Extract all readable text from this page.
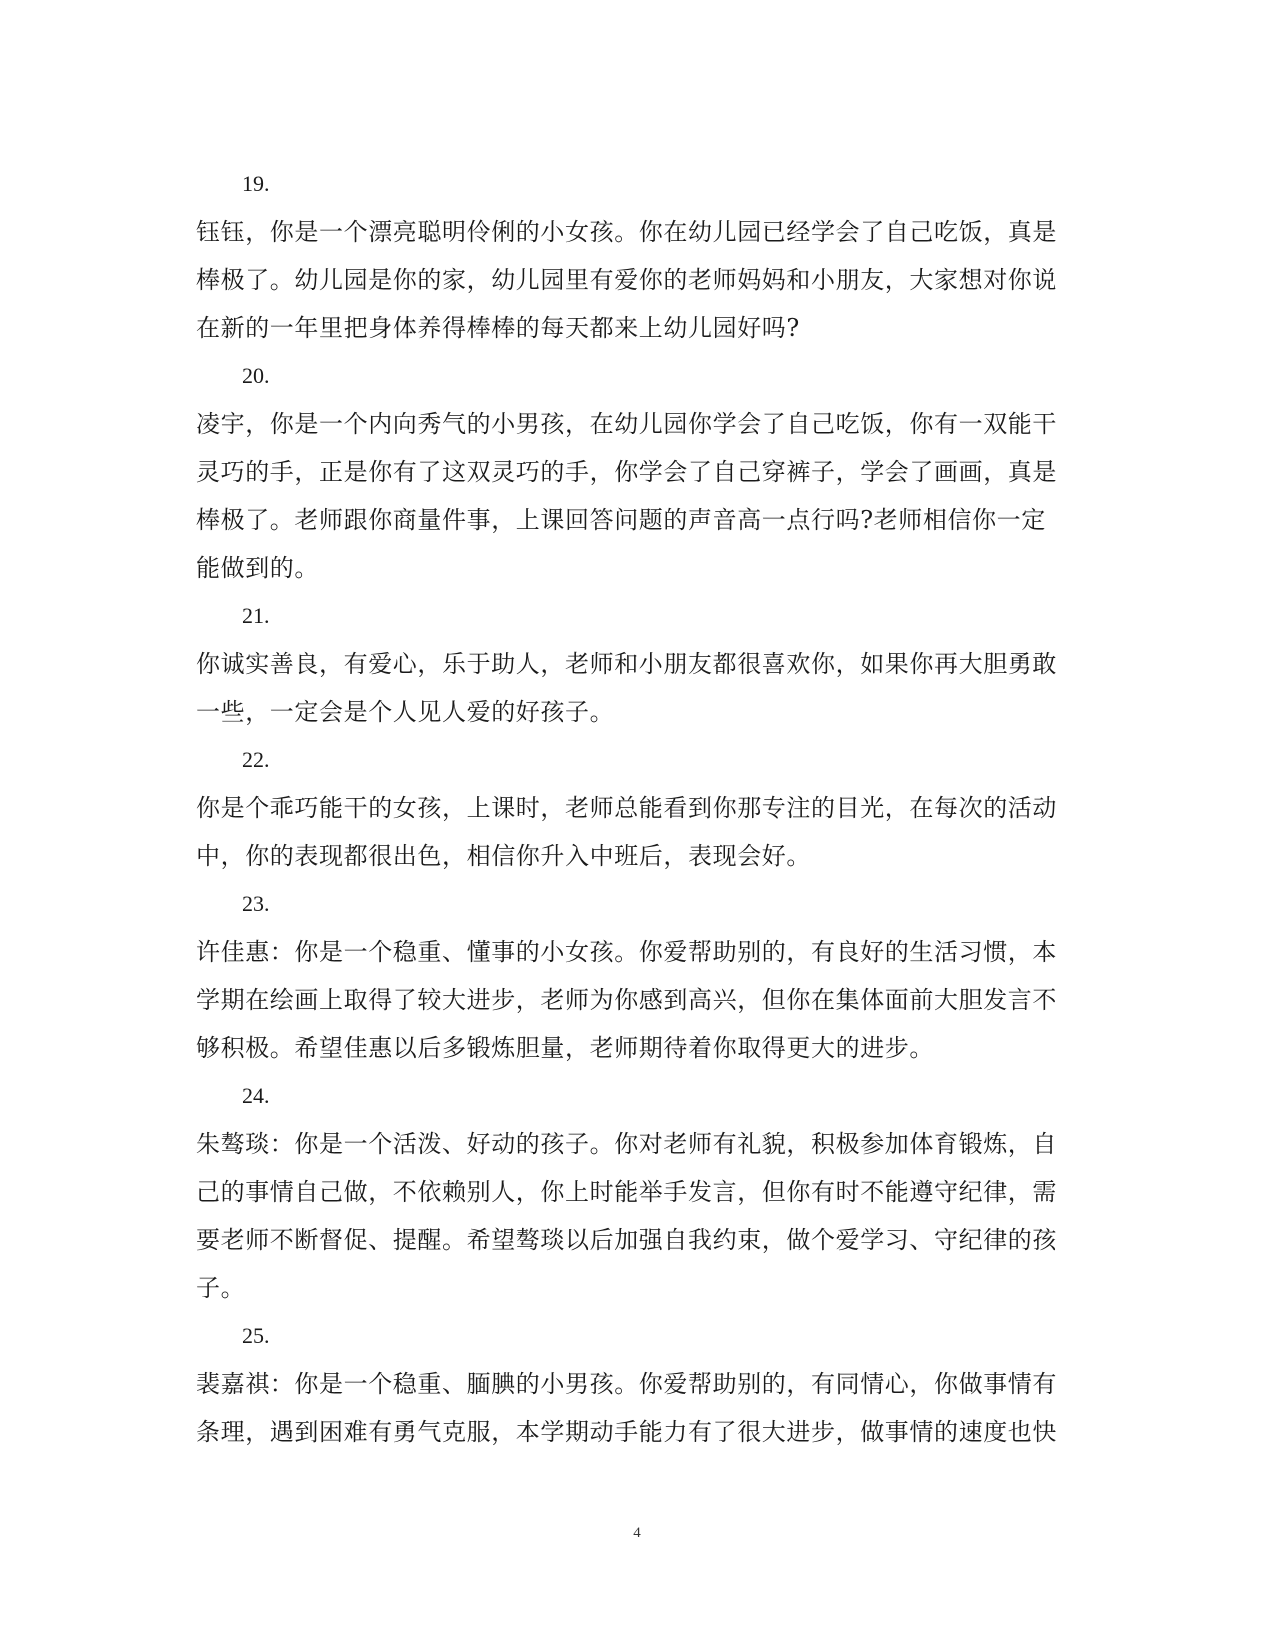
19.

钰钰，你是一个漂亮聪明伶俐的小女孩。你在幼儿园已经学会了自己吃饭，真是
棒极了。幼儿园是你的家，幼儿园里有爱你的老师妈妈和小朋友，大家想对你说
在新的一年里把身体养得棒棒的每天都来上幼儿园好吗?

20.

凌宇，你是一个内向秀气的小男孩，在幼儿园你学会了自己吃饭，你有一双能干
灵巧的手，正是你有了这双灵巧的手，你学会了自己穿裤子，学会了画画，真是
棒极了。老师跟你商量件事，上课回答问题的声音高一点行吗?老师相信你一定
能做到的。

21.

你诚实善良，有爱心，乐于助人，老师和小朋友都很喜欢你，如果你再大胆勇敢
一些，一定会是个人见人爱的好孩子。

22.

你是个乖巧能干的女孩，上课时，老师总能看到你那专注的目光，在每次的活动
中，你的表现都很出色，相信你升入中班后，表现会好。

23.

许佳惠：你是一个稳重、懂事的小女孩。你爱帮助别的，有良好的生活习惯，本
学期在绘画上取得了较大进步，老师为你感到高兴，但你在集体面前大胆发言不
够积极。希望佳惠以后多锻炼胆量，老师期待着你取得更大的进步。

24.

朱骜琰：你是一个活泼、好动的孩子。你对老师有礼貌，积极参加体育锻炼，自
己的事情自己做，不依赖别人，你上时能举手发言，但你有时不能遵守纪律，需
要老师不断督促、提醒。希望骜琰以后加强自我约束，做个爱学习、守纪律的孩
子。

25.

裴嘉祺：你是一个稳重、腼腆的小男孩。你爱帮助别的，有同情心，你做事情有
条理，遇到困难有勇气克服，本学期动手能力有了很大进步，做事情的速度也快

4
